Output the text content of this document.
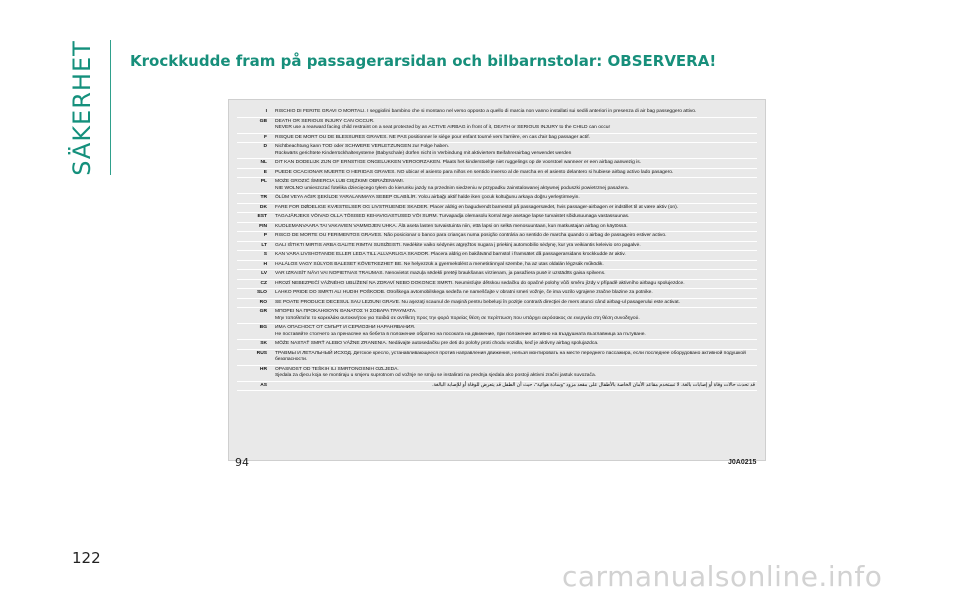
SÄKERHET Krockkudde fram på passagerarsidan och bilbarnstolar: OBSERVERA!
I	RISCHIO DI FERITE GRAVI O MORTALI. I seggiolini bambino che si montano nel verso opposto a quello di marcia non vanno installati sui sedili anteriori in presenza di air bag passeggero attivo.
GB	DEATH OR SERIOUS INJURY CAN OCCUR.
NEVER use a rearward facing child restraint on a seat protected by an ACTIVE AIRBAG in front of it, DEATH or SERIOUS INJURY to the CHILD can occur
F	RISQUE DE MORT OU DE BLESSURES GRAVES. NE PAS positionner le siège pour enfant tourné vers l'arrière, en cas d'air bag passager actif.
D	Nichtbeachtung kann TOD oder SCHWERE VERLETZUNGEN zur Folge haben.
Rückwärts gerichtete Kinderrückhaltesysteme (Babyschale) dürfen nicht in Verbindung mit aktiviertem Beifahrerairbag verwendet werden
NL	DIT KAN DODELIJK ZIJN OF ERNSTIGE ONGELUKKEN VEROORZAKEN. Plaats het kinderstoeltje niet ruggelings op de voorstoel wanneer er een airbag aanwezig is.
E	PUEDE OCACIONAR MUERTE O HERIDAS GRAVES. NO ubicar el asiento para niños en sentido inverso al de marcha en el asiento delantero si hubiese airbag activo lado pasagero.
PL	MOŻE GROZIĆ ŚMIERCIA LUB CIĘŻKIMI OBRAŻENIAMI.
NIE WOLNO umieszczać fotelika dziecięcego tyłem do kierunku jazdy na przednim siedzeniu w przypadku zainstalowanej aktywnej poduszki powietrznej pasażera.
TR	ÖLÜM VEYA AĞIR ŞEKİLDE YARALANMAYA SEBEP OLABİLİR. Yolcu airbağı aktif halde iken çocuk koltuğunu arkaya doğru yerleştirmeyin.
DK	FARE FOR DØDELIGE KVÆSTELSER OG LIVSTRUENDE SKADER. Placer aldrig en bagudvendt barnestol på passagersædet, hvis passager-airbagen er indstillet til at være aktiv (on).
EST	TAGAJÄRJEKS VÕIVAD OLLA TÕSISED KEHAVIGASTUSED VÕI SURM. Turvapadja olemasolu korral ärge asetage lapse turvaistet sõidusuunaga vastassuunas.
FIN	KUOLEMANVAARA TAI VAKAVIEN VAMMOJEN UHKA. Älä aseta lasten turvaistuinta niin, että lapsi on selkä menosuuntaan, kun matkustajan airbag on käytössä.
P	RISCO DE MORTE OU FERIMENTOS GRAVES. Não posicionar o banco para crianças numa posição contrária ao sentido de marcha quando o airbag de passageiro estiver activo.
LT	GALI IŠTIKTI MIRTIS ARBA GALITE RIMTAI SUSIŽEISTI. Nedėkite vaiko sėdynės atgręžtos nugara į priekinį automobilio sėdynę, kur yra veikiantis keleivio oro pagalvė.
S	KAN VARA LIVSHOTANDE ELLER LEDA TILL ALLVARLIGA SKADOR. Placera aldrig en bakåtvänd barnstol i framsätet då passagerarsidans krockkudde är aktiv.
H	HALÁLOS VAGY SÚLYOS BALESET KÖVETKEZHET BE. Ne helyezzük a gyermekülést a menetiránnyal szembe, ha az utas oldalán légzsák működik.
LV	VAR IZRAISĪT NĀVI VAI NOPIETNAS TRAUMAS. Nenovietot mazuļa sēdekli pretēji braukšanas virzienam, ja pasažiera pusē ir uzstādīts gaisa spilvens.
CZ	HROZÍ NEBEZPEČÍ VÁŽNÉHO UBLÍŽENÍ NA ZDRAVÍ NEBO DOKONCE SMRTI. Neumisťujte dětskou sedačku do opačné polohy vůči směru jízdy v případě aktivního airbagu spolujezdce.
SLO	LAHKO PRIDE DO SMRTI ALI HUDIH POŠKODB. Otroškega avtomobilskega sedeža ne nameščajte v obratni smeri vožnje, če ima vozilo vgrajene zračne blazine za potnike.
RO	SE POATE PRODUCE DECESUL SAU LEZIUNI GRAVE. Nu aşezaţi scaunul de maşină pentru bebeluşi în poziţie contrară direcţiei de mers atunci când airbag-ul pasagerului este activat.
GR	ΜΠΟΡΕΙ ΝΑ ΠΡΟΚΛΗΘΟΥΝ ΘΑΝΑΤΟΣ Ή ΣΟΒΑΡΑ ΤΡΑΥΜΑΤΑ.
Μην τοποθετείτε το καρεκλάκι αυτοκινήτου για παιδιά σε αντίθετη προς την φορά πορείας θέση σε περίπτωση που υπάρχει αερόσακος σε ενεργεία στη θέση συνοδηγού.
BG	ИМА ОПАСНОСТ ОТ СМЪРТ И СЕРИОЗНИ НАРАНЯВАНИЯ.
Не поставяйте столчето за пренасяне на бебета в положение обратно на посоката на движение, при положение активно на въздушната възглавница за пътуване.
SK	MÔŽE NASTAŤ SMRŤ ALEBO VÁŽNE ZRANENIA. Nedávajte autosedačku pre deti do polohy proti chodu vozidla, keď je aktívny airbag spolujazdca.
RUS	ТРАВМЫ И ЛЕТАЛЬНЫЙ ИСХОД. Детское кресло, устанавливающееся против направления движения, нельзя монтировать на месте переднего пассажира, если последнее оборудовано активной подушкой безопасности.
HR	OPASNOST OD TEŠKIH ILI SMRTONOSNIH OZLJEDA.
Sjedala za djecu koja se montiraju u smjeru suprotnom od vožnje ne smiju se instalirati na prednja sjedala ako postoji aktivni zračni jastuk suvozača.
AS	قد تحدث حالات وفاة أو إصابات بالغة. لا تستخدم مقاعد الأمان الخاصة بالأطفال على مقعد مزود "وسادة هوائية"، حيث أن الطفل قد يتعرض للوفاة أو للإصابة البالغة.

94	J0A0215

122

carmanualsonline.info
